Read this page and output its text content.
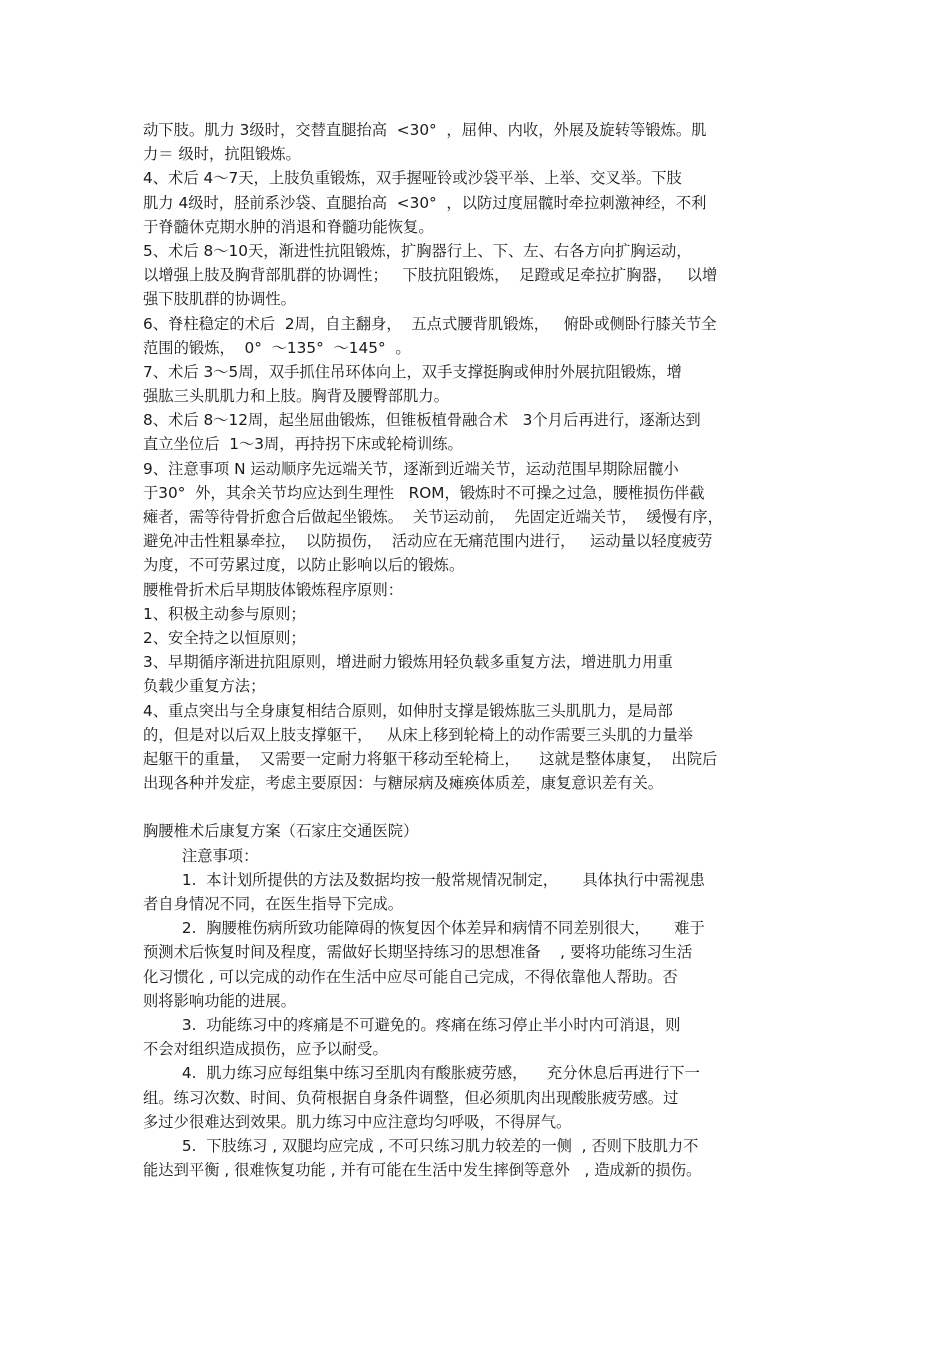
动下肢。肌力 3级时，交替直腿抬高  <30°  ，屈伸、内收，外展及旋转等锻炼。肌
力＝ 级时，抗阻锻炼。
4、术后 4～7天，上肢负重锻炼，双手握哑铃或沙袋平举、上举、交叉举。下肢
肌力 4级时，胫前系沙袋、直腿抬高  <30°  ，以防过度屈髋时牵拉刺激神经，不利
于脊髓休克期水肿的消退和脊髓功能恢复。
5、术后 8～10天，渐进性抗阻锻炼，扩胸器行上、下、左、右各方向扩胸运动，
以增强上肢及胸背部肌群的协调性；   下肢抗阻锻炼，  足蹬或足牵拉扩胸器，   以增
强下肢肌群的协调性。
6、脊柱稳定的术后  2周，自主翻身，  五点式腰背肌锻炼，   俯卧或侧卧行膝关节全
范围的锻炼，  0°  ～135°  ～145°  。
7、术后 3～5周，双手抓住吊环体向上，双手支撑挺胸或伸肘外展抗阻锻炼，增
强肱三头肌肌力和上肢。胸背及腰臀部肌力。
8、术后 8～12周，起坐屈曲锻炼，但锥板植骨融合术   3个月后再进行，逐渐达到
直立坐位后  1～3周，再持拐下床或轮椅训练。
9、注意事项 N 运动顺序先远端关节，逐渐到近端关节，运动范围早期除屈髋小
于30°  外，其余关节均应达到生理性   ROM，锻炼时不可操之过急，腰椎损伤伴截
瘫者，需等待骨折愈合后做起坐锻炼。  关节运动前，  先固定近端关节，  缓慢有序，
避免冲击性粗暴牵拉，  以防损伤，  活动应在无痛范围内进行，   运动量以轻度疲劳
为度，不可劳累过度，以防止影响以后的锻炼。
腰椎骨折术后早期肢体锻炼程序原则：
1、积极主动参与原则；
2、安全持之以恒原则；
3、早期循序渐进抗阻原则，增进耐力锻炼用轻负载多重复方法，增进肌力用重
负载少重复方法；
4、重点突出与全身康复相结合原则，如伸肘支撑是锻炼肱三头肌肌力，是局部
的，但是对以后双上肢支撑躯干，   从床上移到轮椅上的动作需要三头肌的力量举
起躯干的重量，  又需要一定耐力将躯干移动至轮椅上，    这就是整体康复，  出院后
出现各种并发症，考虑主要原因：与糖尿病及瘫痪体质差，康复意识差有关。
胸腰椎术后康复方案（石家庄交通医院）
注意事项：
1.  本计划所提供的方法及数据均按一般常规情况制定，     具体执行中需视患
者自身情况不同，在医生指导下完成。
2.  胸腰椎伤病所致功能障碍的恢复因个体差异和病情不同差别很大，     难于
预测术后恢复时间及程度，需做好长期坚持练习的思想准备    , 要将功能练习生活
化习惯化 , 可以完成的动作在生活中应尽可能自己完成，不得依靠他人帮助。否
则将影响功能的进展。
3.  功能练习中的疼痛是不可避免的。疼痛在练习停止半小时内可消退，则
不会对组织造成损伤，应予以耐受。
4.  肌力练习应每组集中练习至肌肉有酸胀疲劳感，    充分休息后再进行下一
组。练习次数、时间、负荷根据自身条件调整，但必须肌肉出现酸胀疲劳感。过
多过少很难达到效果。肌力练习中应注意均匀呼吸，不得屏气。
5.  下肢练习 , 双腿均应完成 , 不可只练习肌力较差的一侧  , 否则下肢肌力不
能达到平衡 , 很难恢复功能 , 并有可能在生活中发生摔倒等意外   , 造成新的损伤。
